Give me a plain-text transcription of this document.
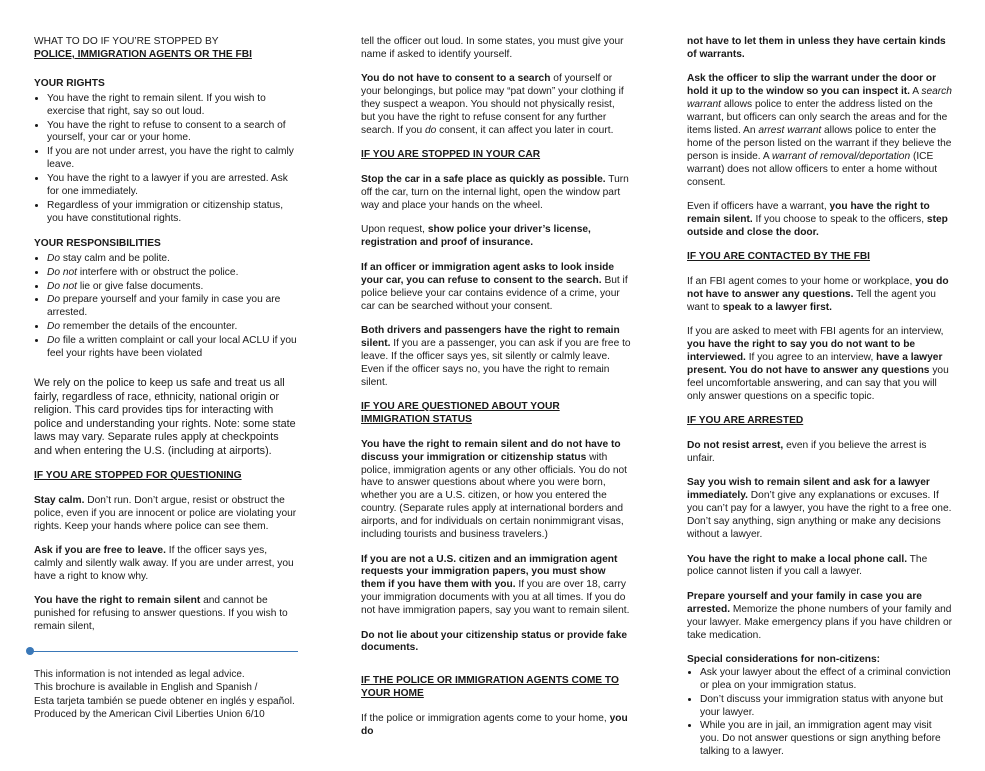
WHAT TO DO IF YOU’RE STOPPED BY
POLICE, IMMIGRATION AGENTS OR THE FBI
YOUR RIGHTS
• You have the right to remain silent. If you wish to exercise that right, say so out loud.
• You have the right to refuse to consent to a search of yourself, your car or your home.
• If you are not under arrest, you have the right to calmly leave.
• You have the right to a lawyer if you are arrested. Ask for one immediately.
• Regardless of your immigration or citizenship status, you have constitutional rights.
YOUR RESPONSIBILITIES
• Do stay calm and be polite.
• Do not interfere with or obstruct the police.
• Do not lie or give false documents.
• Do prepare yourself and your family in case you are arrested.
• Do remember the details of the encounter.
• Do file a written complaint or call your local ACLU if you feel your rights have been violated

We rely on the police to keep us safe and treat us all fairly, regardless of race, ethnicity, national origin or religion. This card provides tips for interacting with police and understanding your rights. Note: some state laws may vary. Separate rules apply at checkpoints and when entering the U.S. (including at airports).

IF YOU ARE STOPPED FOR QUESTIONING

Stay calm. Don’t run. Don’t argue, resist or obstruct the police, even if you are innocent or police are violating your rights. Keep your hands where police can see them.

Ask if you are free to leave. If the officer says yes, calmly and silently walk away. If you are under arrest, you have a right to know why.

You have the right to remain silent and cannot be punished for refusing to answer questions. If you wish to remain silent,

This information is not intended as legal advice.
This brochure is available in English and Spanish /
Esta tarjeta también se puede obtener en inglés y español.
Produced by the American Civil Liberties Union 6/10

tell the officer out loud. In some states, you must give your name if asked to identify yourself.

You do not have to consent to a search of yourself or your belongings, but police may “pat down” your clothing if they suspect a weapon. You should not physically resist, but you have the right to refuse consent for any further search. If you do consent, it can affect you later in court.

IF YOU ARE STOPPED IN YOUR CAR

Stop the car in a safe place as quickly as possible. Turn off the car, turn on the internal light, open the window part way and place your hands on the wheel.

Upon request, show police your driver’s license, registration and proof of insurance.

If an officer or immigration agent asks to look inside your car, you can refuse to consent to the search. But if police believe your car contains evidence of a crime, your car can be searched without your consent.

Both drivers and passengers have the right to remain silent. If you are a passenger, you can ask if you are free to leave. If the officer says yes, sit silently or calmly leave. Even if the officer says no, you have the right to remain silent.

IF YOU ARE QUESTIONED ABOUT YOUR IMMIGRATION STATUS

You have the right to remain silent and do not have to discuss your immigration or citizenship status with police, immigration agents or any other officials. You do not have to answer questions about where you were born, whether you are a U.S. citizen, or how you entered the country. (Separate rules apply at international borders and airports, and for individuals on certain nonimmigrant visas, including tourists and business travelers.)

If you are not a U.S. citizen and an immigration agent requests your immigration papers, you must show them if you have them with you. If you are over 18, carry your immigration documents with you at all times. If you do not have immigration papers, say you want to remain silent.

Do not lie about your citizenship status or provide fake documents.

IF THE POLICE OR IMMIGRATION AGENTS COME TO YOUR HOME

If the police or immigration agents come to your home, you do

not have to let them in unless they have certain kinds of warrants.

Ask the officer to slip the warrant under the door or hold it up to the window so you can inspect it. A search warrant allows police to enter the address listed on the warrant, but officers can only search the areas and for the items listed. An arrest warrant allows police to enter the home of the person listed on the warrant if they believe the person is inside. A warrant of removal/deportation (ICE warrant) does not allow officers to enter a home without consent.

Even if officers have a warrant, you have the right to remain silent. If you choose to speak to the officers, step outside and close the door.

IF YOU ARE CONTACTED BY THE FBI

If an FBI agent comes to your home or workplace, you do not have to answer any questions. Tell the agent you want to speak to a lawyer first.

If you are asked to meet with FBI agents for an interview, you have the right to say you do not want to be interviewed. If you agree to an interview, have a lawyer present. You do not have to answer any questions you feel uncomfortable answering, and can say that you will only answer questions on a specific topic.

IF YOU ARE ARRESTED

Do not resist arrest, even if you believe the arrest is unfair.

Say you wish to remain silent and ask for a lawyer immediately. Don’t give any explanations or excuses. If you can’t pay for a lawyer, you have the right to a free one. Don’t say anything, sign anything or make any decisions without a lawyer.

You have the right to make a local phone call. The police cannot listen if you call a lawyer.

Prepare yourself and your family in case you are arrested. Memorize the phone numbers of your family and your lawyer. Make emergency plans if you have children or take medication.

Special considerations for non-citizens:
• Ask your lawyer about the effect of a criminal conviction or plea on your immigration status.
• Don’t discuss your immigration status with anyone but your lawyer.
• While you are in jail, an immigration agent may visit you. Do not answer questions or sign anything before talking to a lawyer.
